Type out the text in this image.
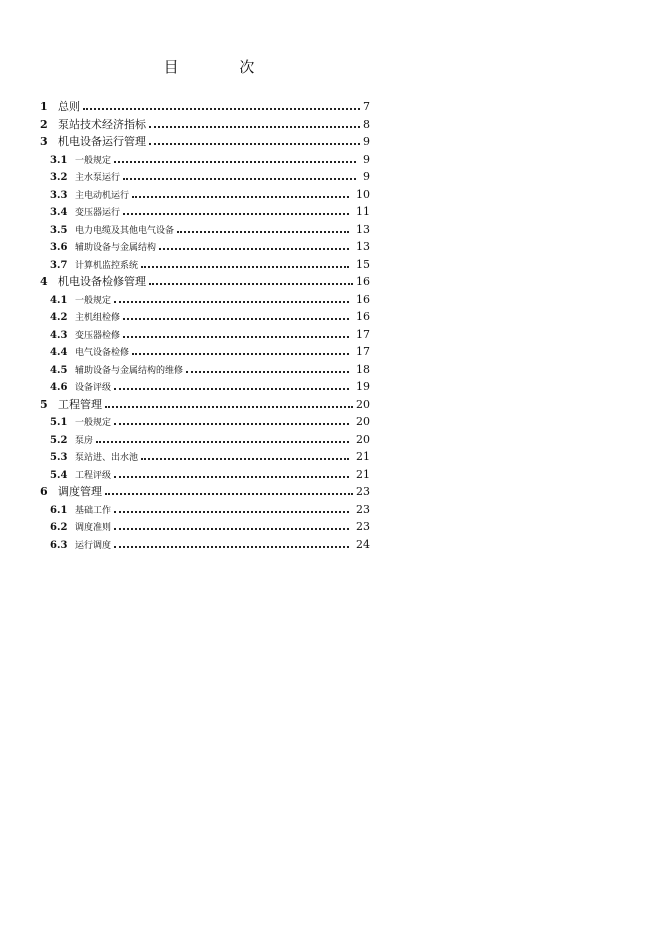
目 次
1 总则	7
2 泵站技术经济指标	8
3 机电设备运行管理	9
3.1 一般规定	9
3.2 主水泵运行	9
3.3 主电动机运行	10
3.4 变压器运行	11
3.5 电力电缆及其他电气设备	13
3.6 辅助设备与金属结构	13
3.7 计算机监控系统	15
4 机电设备检修管理	16
4.1 一般规定	16
4.2 主机组检修	16
4.3 变压器检修	17
4.4 电气设备检修	17
4.5 辅助设备与金属结构的维修	18
4.6 设备评级	19
5 工程管理	20
5.1 一般规定	20
5.2 泵房	20
5.3 泵站进、出水池	21
5.4 工程评级	21
6 调度管理	23
6.1 基础工作	23
6.2 调度准则	23
6.3 运行调度	24
